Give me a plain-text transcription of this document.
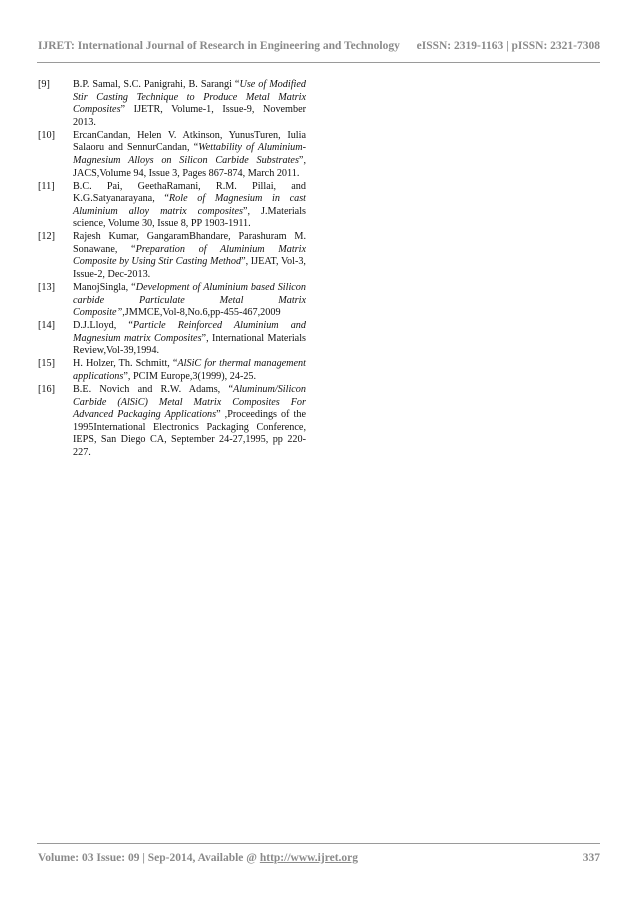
IJRET: International Journal of Research in Engineering and Technology eISSN: 2319-1163 | pISSN: 2321-7308
[9]	B.P. Samal, S.C. Panigrahi, B. Sarangi “Use of Modified Stir Casting Technique to Produce Metal Matrix Composites” IJETR, Volume-1, Issue-9, November 2013.
[10]	ErcanCandan, Helen V. Atkinson, YunusTuren, Iulia Salaoru and SennurCandan, “Wettability of Aluminium-Magnesium Alloys on Silicon Carbide Substrates”, JACS,Volume 94, Issue 3, Pages 867-874, March 2011.
[11]	B.C. Pai, GeethaRamani, R.M. Pillai, and K.G.Satyanarayana, “Role of Magnesium in cast Aluminium alloy matrix composites”, J.Materials science, Volume 30, Issue 8, PP 1903-1911.
[12]	Rajesh Kumar, GangaramBhandare, Parashuram M. Sonawane, “Preparation of Aluminium Matrix Composite by Using Stir Casting Method”, IJEAT, Vol-3, Issue-2, Dec-2013.
[13]	ManojSingla, “Development of Aluminium based Silicon carbide Particulate Metal Matrix Composite”,JMMCE,Vol-8,No.6,pp-455-467,2009
[14]	D.J.Lloyd, “Particle Reinforced Aluminium and Magnesium matrix Composites”, International Materials Review,Vol-39,1994.
[15]	H. Holzer, Th. Schmitt, “AlSiC for thermal management applications”, PCIM Europe,3(1999), 24-25.
[16]	B.E. Novich and R.W. Adams, “Aluminum/Silicon Carbide (AlSiC) Metal Matrix Composites For Advanced Packaging Applications” ,Proceedings of the 1995International Electronics Packaging Conference, IEPS, San Diego CA, September 24-27,1995, pp 220-227.
Volume: 03 Issue: 09 | Sep-2014, Available @ http://www.ijret.org	337
